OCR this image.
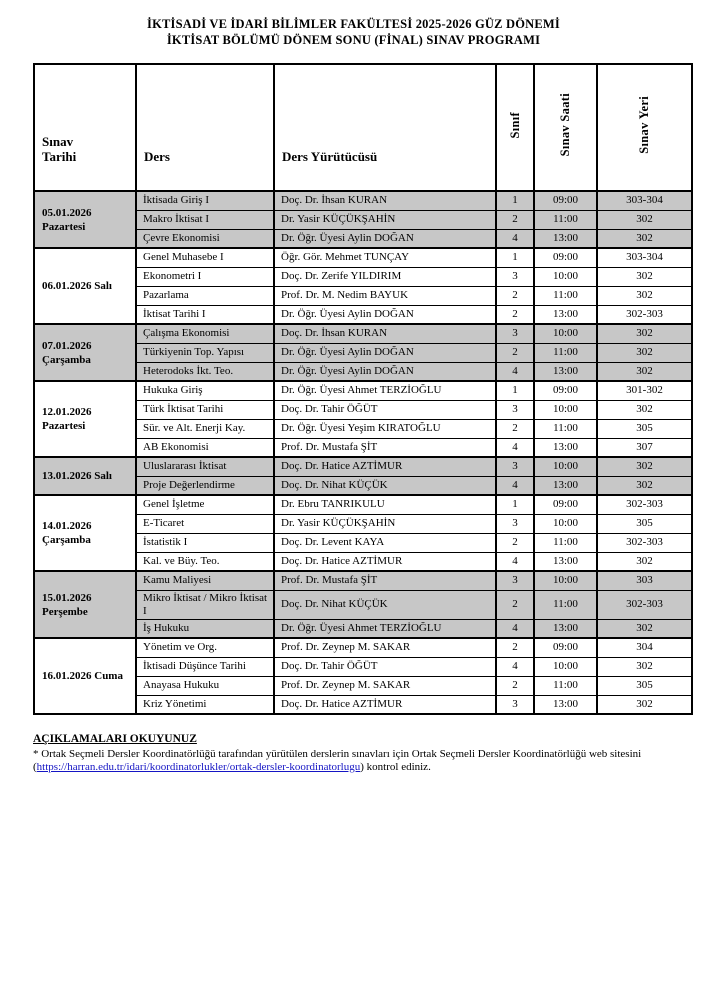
İKTİSADİ VE İDARİ BİLİMLER FAKÜLTESİ 2025-2026 GÜZ DÖNEMİ
İKTİSAT BÖLÜMÜ DÖNEM SONU (FİNAL) SINAV PROGRAMI
Sınav Tarihi	Ders	Ders Yürütücüsü	Sınıf	Sınav Saati	Sınav Yeri
05.01.2026 Pazartesi	İktisada Giriş I	Doç. Dr. İhsan KURAN	1	09:00	303-304
	Makro İktisat I	Dr. Yasir KÜÇÜKŞAHİN	2	11:00	302
	Çevre Ekonomisi	Dr. Öğr. Üyesi Aylin DOĞAN	4	13:00	302
06.01.2026 Salı	Genel Muhasebe I	Öğr. Gör. Mehmet TUNÇAY	1	09:00	303-304
	Ekonometri I	Doç. Dr. Zerife YILDIRIM	3	10:00	302
	Pazarlama	Prof. Dr. M. Nedim BAYUK	2	11:00	302
	İktisat Tarihi I	Dr. Öğr. Üyesi Aylin DOĞAN	2	13:00	302-303
07.01.2026 Çarşamba	Çalışma Ekonomisi	Doç. Dr. İhsan KURAN	3	10:00	302
	Türkiyenin Top. Yapısı	Dr. Öğr. Üyesi Aylin DOĞAN	2	11:00	302
	Heterodoks İkt. Teo.	Dr. Öğr. Üyesi Aylin DOĞAN	4	13:00	302
12.01.2026 Pazartesi	Hukuka Giriş	Dr. Öğr. Üyesi Ahmet TERZİOĞLU	1	09:00	301-302
	Türk İktisat Tarihi	Doç. Dr. Tahir ÖĞÜT	3	10:00	302
	Sür. ve Alt. Enerji Kay.	Dr. Öğr. Üyesi Yeşim KIRATOĞLU	2	11:00	305
	AB Ekonomisi	Prof. Dr. Mustafa ŞİT	4	13:00	307
13.01.2026 Salı	Uluslararası İktisat	Doç. Dr. Hatice AZTİMUR	3	10:00	302
	Proje Değerlendirme	Doç. Dr. Nihat KÜÇÜK	4	13:00	302
14.01.2026 Çarşamba	Genel İşletme	Dr. Ebru TANRIKULU	1	09:00	302-303
	E-Ticaret	Dr. Yasir KÜÇÜKŞAHİN	3	10:00	305
	İstatistik I	Doç. Dr. Levent KAYA	2	11:00	302-303
	Kal. ve Büy. Teo.	Doç. Dr. Hatice AZTİMUR	4	13:00	302
15.01.2026 Perşembe	Kamu Maliyesi	Prof. Dr. Mustafa ŞİT	3	10:00	303
	Mikro İktisat / Mikro İktisat I	Doç. Dr. Nihat KÜÇÜK	2	11:00	302-303
	İş Hukuku	Dr. Öğr. Üyesi Ahmet TERZİOĞLU	4	13:00	302
16.01.2026 Cuma	Yönetim ve Org.	Prof. Dr. Zeynep M. SAKAR	2	09:00	304
	İktisadi Düşünce Tarihi	Doç. Dr. Tahir ÖĞÜT	4	10:00	302
	Anayasa Hukuku	Prof. Dr. Zeynep M. SAKAR	2	11:00	305
	Kriz Yönetimi	Doç. Dr. Hatice AZTİMUR	3	13:00	302
AÇIKLAMALARI OKUYUNUZ
* Ortak Seçmeli Dersler Koordinatörlüğü tarafından yürütülen derslerin sınavları için Ortak Seçmeli Dersler Koordinatörlüğü web sitesini
(https://harran.edu.tr/idari/koordinatorlukler/ortak-dersler-koordinatorlugu) kontrol ediniz.
